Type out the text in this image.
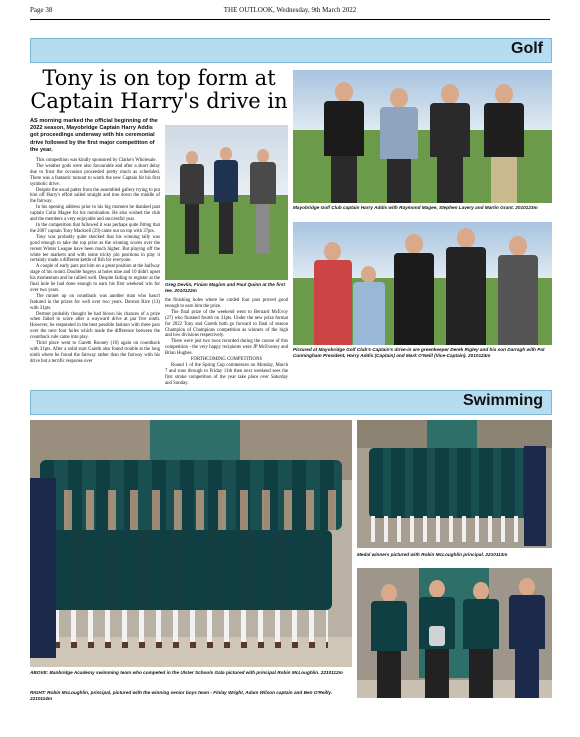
Page 38	THE OUTLOOK, Wednesday, 9th March 2022
Golf
Tony is on top form at Captain Harry's drive in
AS morning marked the official beginning of the 2022 season, Mayobridge Captain Harry Addis got proceedings underway with his ceremonial drive followed by the first major competition of the year.

This competition was kindly sponsored by Clarke's Wholesale.

The weather gods were also favourable and after a short delay due to frost the occasion proceeded pretty much as scheduled. There was a fantastic turnout to watch the new Captain hit his first symbolic drive.

Despite the usual patter from the assembled gallery trying to put him off Harry's effort sailed straight and true down the middle of the fairway.

In his opening address prior to his big moment he thanked past captain Colin Magee for his nomination. He also wished the club and the members a very enjoyable and successful year.

In the competition that followed it was perhaps quite fitting that the 2007 captain Tony Mackrell (29) came out on top with 37pts.

Tony was probably quite shocked that his winning tally was good enough to take the top prize as the winning scores over the recent Winter League have been much higher. But playing off the white tee markers and with some tricky pin positions in play it certainly made a different kettle of fish for everyone.

A couple of early pars put him on a great position at the halfway stage of his round. Double bogeys at holes nine and 10 didn't upset his momentum and he rallied well. Despite failing to register at the final hole he had done enough to earn his first weekend win for over two years.

The runner up on countback was another man who hasn't featured in the prizes for well over two years. Dermot Rice (13) with 31pts.

Dermot probably thought he had blown his chances of a prize when failed to score after a wayward drive at par five ninth. However, he responded in the best possible fashion with three pars over the next four holes which made the difference between the countback rule came into play.

Third place went to Gareth Rooney (18) again on countback with 31pts. After a solid start Gareth also found trouble at the long ninth where he found the fairway rather than the fairway with his drive but a terrific response over

Greg Devlin, Finian Maginn and Paul Quinn at the first tee. 2010122m

the finishing holes where he carded four pars proved good enough to earn him the prize.

The final prize of the weekend went to Bernard McEvoy (27) who finished fourth on 31pts. Under the new prize format for 2022 Tony and Gareth both go forward to final of season Champion of Champions competition as winners of the high and low divisions respectively.

There were just two twos recorded during the course of this competition - the very happy recipients were JP McEvenoy and Brian Hughes.

FORTHCOMING COMPETITIONS

Round 1 of the Spring Cup commences on Monday, March 7 and runs through to Friday 11th then next weekend sees the first stroke competition of the year take place over Saturday and Sunday.

Mayobridge Golf Club captain Harry Addis with Raymond Magee, Stephen Lavery and Martin Grant. 2010123m
Pictured at Mayobridge Golf Club's Captain's drive-in are greenkeeper Derek Rigley and his son Darragh with Pat Cunningham President, Harry Addis (Captain) and Mark O'Neill (Vice-Captain). 2010124m
Swimming
ABOVE: Banbridge Academy swimming team who competed in the Ulster Schools Gala pictured with principal Robin McLoughlin. 2210112m
RIGHT: Robin McLoughlin, principal, pictured with the winning senior boys team - Finlay Wright, Adam Wilson captain and Ben O'Reilly. 2210114m
Medal winners pictured with Robin McLoughlin principal. 2210113m
